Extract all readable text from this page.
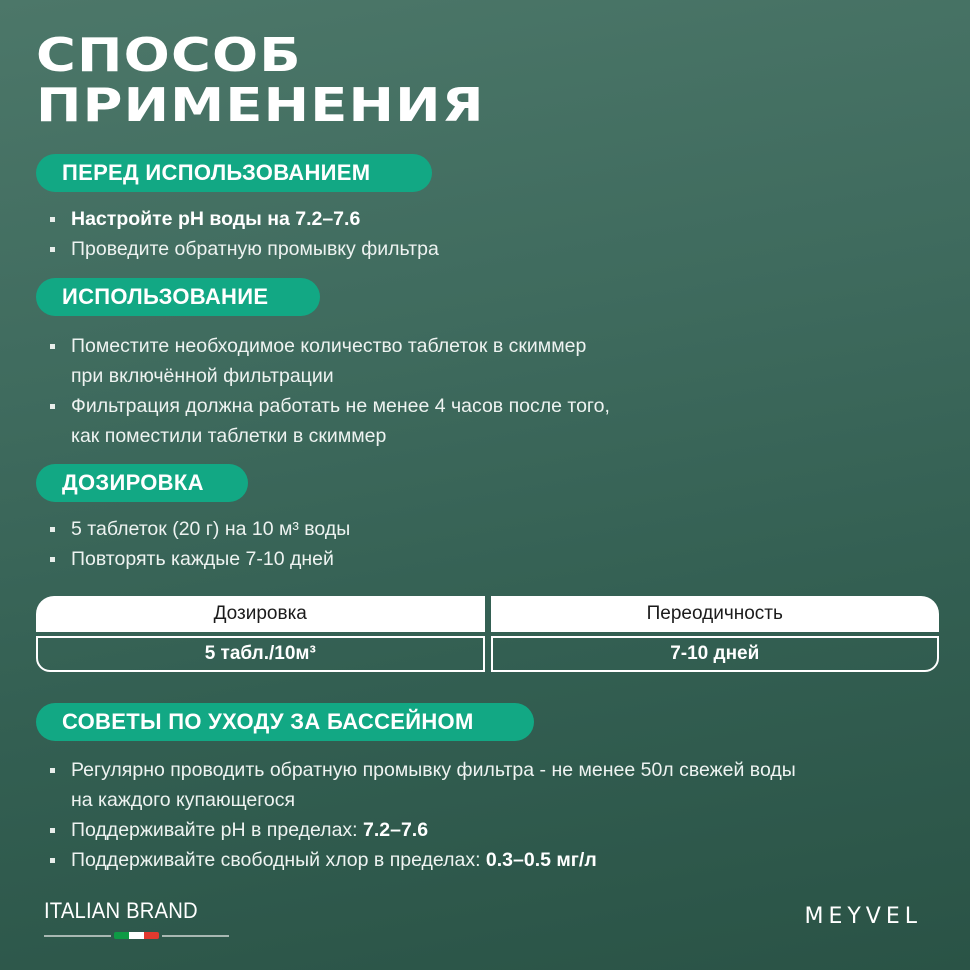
СПОСОБ
ПРИМЕНЕНИЯ
ПЕРЕД ИСПОЛЬЗОВАНИЕМ
Настройте pH воды на 7.2–7.6
Проведите обратную промывку фильтра
ИСПОЛЬЗОВАНИЕ
Поместите необходимое количество таблеток в скиммер
при включённой фильтрации
Фильтрация должна работать не менее 4 часов после того,
как поместили таблетки в скиммер
ДОЗИРОВКА
5 таблеток (20 г) на 10 м³ воды
Повторять каждые 7-10 дней
Дозировка	Переодичность
5 табл./10м³	7-10 дней
СОВЕТЫ ПО УХОДУ ЗА БАССЕЙНОМ
Регулярно проводить обратную промывку фильтра - не менее 50л свежей воды
на каждого купающегося
Поддерживайте pH в пределах: 7.2–7.6
Поддерживайте свободный хлор в пределах: 0.3–0.5 мг/л
ITALIAN BRAND	MEYVEL
